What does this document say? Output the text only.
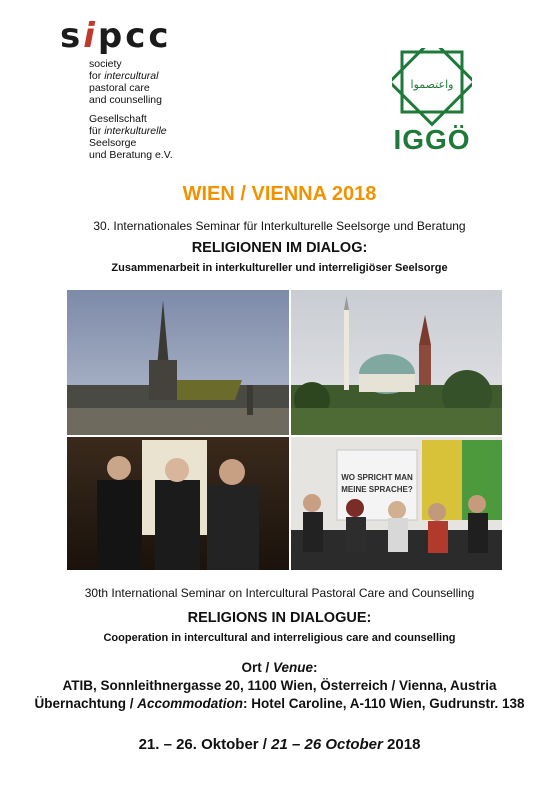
sipcc
society
for intercultural
pastoral care
and counselling
Gesellschaft
für interkulturelle
Seelsorge
und Beratung e.V.
واعتصموا
IGGÖ
WIEN / VIENNA 2018
30. Internationales Seminar für Interkulturelle Seelsorge und Beratung
RELIGIONEN IM DIALOG:
Zusammenarbeit in interkultureller und interreligiöser Seelsorge
WO SPRICHT MAN
MEINE SPRACHE?
30th International Seminar on Intercultural Pastoral Care and Counselling
RELIGIONS IN DIALOGUE:
Cooperation in intercultural and interreligious care and counselling
Ort / Venue:
ATIB, Sonnleithnergasse 20, 1100 Wien, Österreich / Vienna, Austria
Übernachtung / Accommodation: Hotel Caroline, A-110 Wien, Gudrunstr. 138
21. – 26. Oktober / 21 – 26 October 2018
